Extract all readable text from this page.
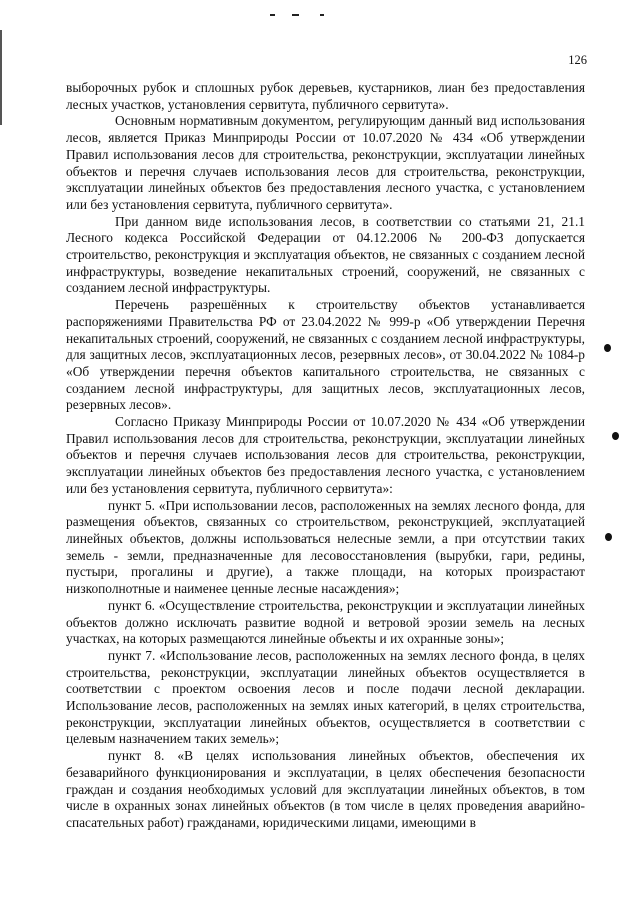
126

выборочных рубок и сплошных рубок деревьев, кустарников, лиан без предоставления лесных участков, установления сервитута, публичного сервитута».

Основным нормативным документом, регулирующим данный вид использования лесов, является Приказ Минприроды России от 10.07.2020 № 434 «Об утверждении Правил использования лесов для строительства, реконструкции, эксплуатации линейных объектов и перечня случаев использования лесов для строительства, реконструкции, эксплуатации линейных объектов без предоставления лесного участка, с установлением или без установления сервитута, публичного сервитута».

При данном виде использования лесов, в соответствии со статьями 21, 21.1 Лесного кодекса Российской Федерации от 04.12.2006 № 200-ФЗ допускается строительство, реконструкция и эксплуатация объектов, не связанных с созданием лесной инфраструктуры, возведение некапитальных строений, сооружений, не связанных с созданием лесной инфраструктуры.

Перечень разрешённых к строительству объектов устанавливается распоряжениями Правительства РФ от 23.04.2022 № 999-р «Об утверждении Перечня некапитальных строений, сооружений, не связанных с созданием лесной инфраструктуры, для защитных лесов, эксплуатационных лесов, резервных лесов», от 30.04.2022 № 1084-р «Об утверждении перечня объектов капитального строительства, не связанных с созданием лесной инфраструктуры, для защитных лесов, эксплуатационных лесов, резервных лесов».

Согласно Приказу Минприроды России от 10.07.2020 № 434 «Об утверждении Правил использования лесов для строительства, реконструкции, эксплуатации линейных объектов и перечня случаев использования лесов для строительства, реконструкции, эксплуатации линейных объектов без предоставления лесного участка, с установлением или без установления сервитута, публичного сервитута»:

пункт 5. «При использовании лесов, расположенных на землях лесного фонда, для размещения объектов, связанных со строительством, реконструкцией, эксплуатацией линейных объектов, должны использоваться нелесные земли, а при отсутствии таких земель - земли, предназначенные для лесовосстановления (вырубки, гари, редины, пустыри, прогалины и другие), а также площади, на которых произрастают низкополнотные и наименее ценные лесные насаждения»;

пункт 6. «Осуществление строительства, реконструкции и эксплуатации линейных объектов должно исключать развитие водной и ветровой эрозии земель на лесных участках, на которых размещаются линейные объекты и их охранные зоны»;

пункт 7. «Использование лесов, расположенных на землях лесного фонда, в целях строительства, реконструкции, эксплуатации линейных объектов осуществляется в соответствии с проектом освоения лесов и после подачи лесной декларации. Использование лесов, расположенных на землях иных категорий, в целях строительства, реконструкции, эксплуатации линейных объектов, осуществляется в соответствии с целевым назначением таких земель»;

пункт 8. «В целях использования линейных объектов, обеспечения их безаварийного функционирования и эксплуатации, в целях обеспечения безопасности граждан и создания необходимых условий для эксплуатации линейных объектов, в том числе в охранных зонах линейных объектов (в том числе в целях проведения аварийно-спасательных работ) гражданами, юридическими лицами, имеющими в
